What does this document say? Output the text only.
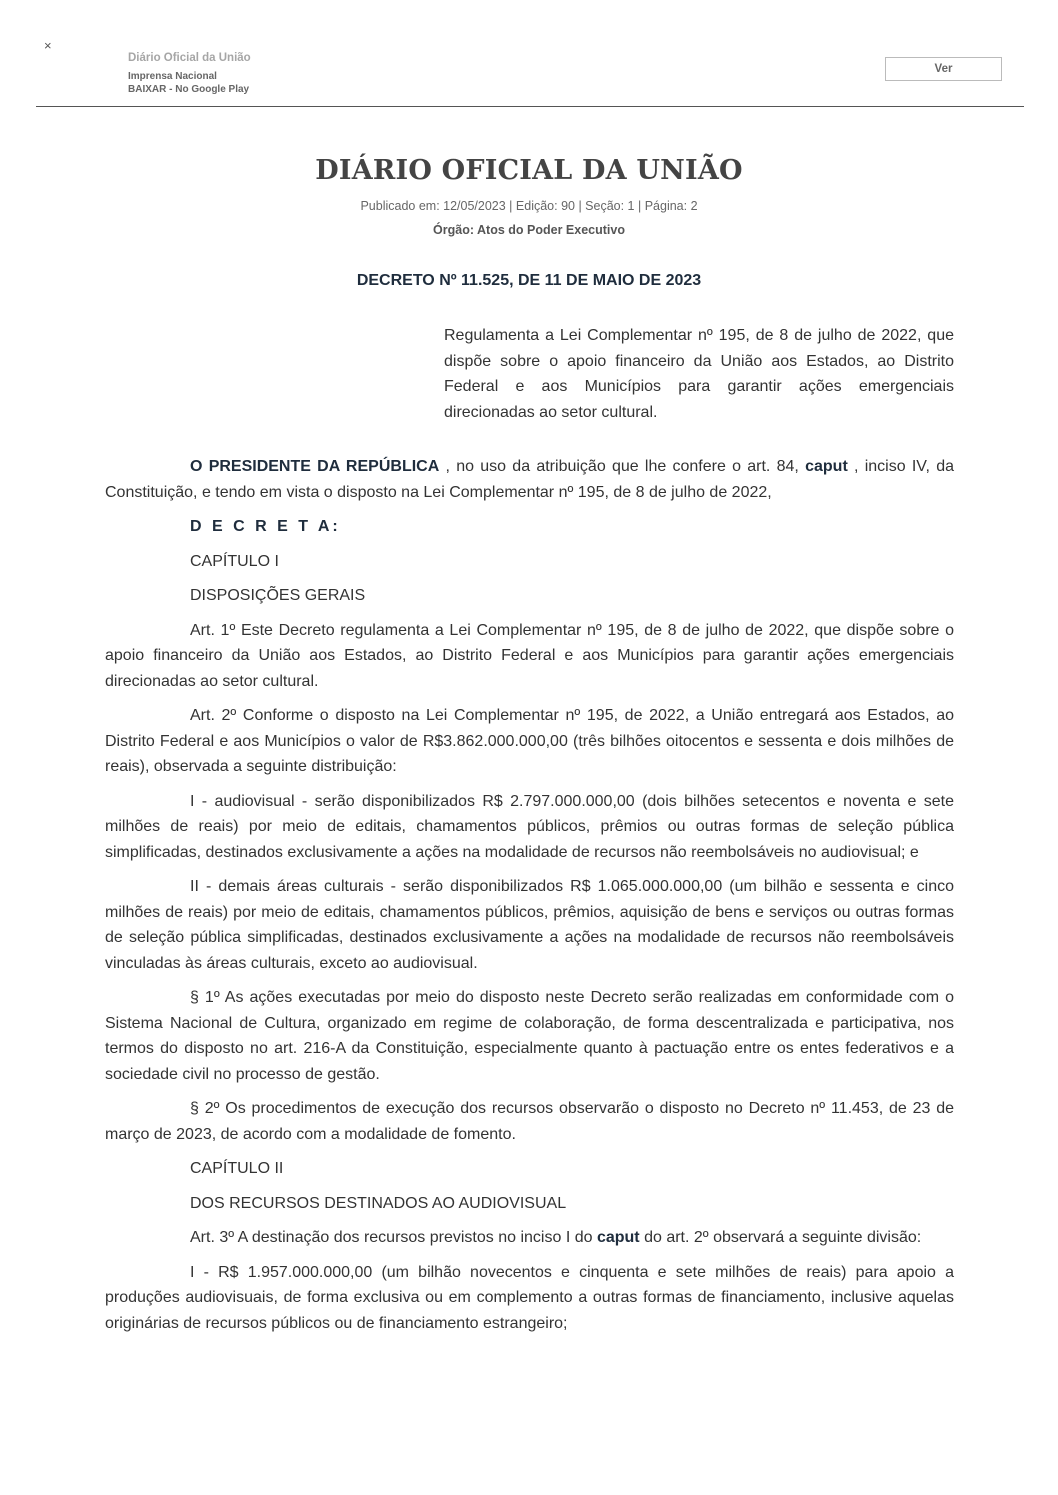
×
Diário Oficial da União
Imprensa Nacional
BAIXAR - No Google Play
Ver
DIÁRIO OFICIAL DA UNIÃO
Publicado em: 12/05/2023 | Edição: 90 | Seção: 1 | Página: 2
Órgão: Atos do Poder Executivo
DECRETO Nº 11.525, DE 11 DE MAIO DE 2023
Regulamenta a Lei Complementar nº 195, de 8 de julho de 2022, que dispõe sobre o apoio financeiro da União aos Estados, ao Distrito Federal e aos Municípios para garantir ações emergenciais direcionadas ao setor cultural.

O PRESIDENTE DA REPÚBLICA , no uso da atribuição que lhe confere o art. 84, caput , inciso IV, da Constituição, e tendo em vista o disposto na Lei Complementar nº 195, de 8 de julho de 2022,

D E C R E T A:

CAPÍTULO I

DISPOSIÇÕES GERAIS

Art. 1º Este Decreto regulamenta a Lei Complementar nº 195, de 8 de julho de 2022, que dispõe sobre o apoio financeiro da União aos Estados, ao Distrito Federal e aos Municípios para garantir ações emergenciais direcionadas ao setor cultural.

Art. 2º Conforme o disposto na Lei Complementar nº 195, de 2022, a União entregará aos Estados, ao Distrito Federal e aos Municípios o valor de R$3.862.000.000,00 (três bilhões oitocentos e sessenta e dois milhões de reais), observada a seguinte distribuição:

I - audiovisual - serão disponibilizados R$ 2.797.000.000,00 (dois bilhões setecentos e noventa e sete milhões de reais) por meio de editais, chamamentos públicos, prêmios ou outras formas de seleção pública simplificadas, destinados exclusivamente a ações na modalidade de recursos não reembolsáveis no audiovisual; e

II - demais áreas culturais - serão disponibilizados R$ 1.065.000.000,00 (um bilhão e sessenta e cinco milhões de reais) por meio de editais, chamamentos públicos, prêmios, aquisição de bens e serviços ou outras formas de seleção pública simplificadas, destinados exclusivamente a ações na modalidade de recursos não reembolsáveis vinculadas às áreas culturais, exceto ao audiovisual.

§ 1º As ações executadas por meio do disposto neste Decreto serão realizadas em conformidade com o Sistema Nacional de Cultura, organizado em regime de colaboração, de forma descentralizada e participativa, nos termos do disposto no art. 216-A da Constituição, especialmente quanto à pactuação entre os entes federativos e a sociedade civil no processo de gestão.

§ 2º Os procedimentos de execução dos recursos observarão o disposto no Decreto nº 11.453, de 23 de março de 2023, de acordo com a modalidade de fomento.

CAPÍTULO II

DOS RECURSOS DESTINADOS AO AUDIOVISUAL

Art. 3º A destinação dos recursos previstos no inciso I do caput do art. 2º observará a seguinte divisão:

I - R$ 1.957.000.000,00 (um bilhão novecentos e cinquenta e sete milhões de reais) para apoio a produções audiovisuais, de forma exclusiva ou em complemento a outras formas de financiamento, inclusive aquelas originárias de recursos públicos ou de financiamento estrangeiro;
